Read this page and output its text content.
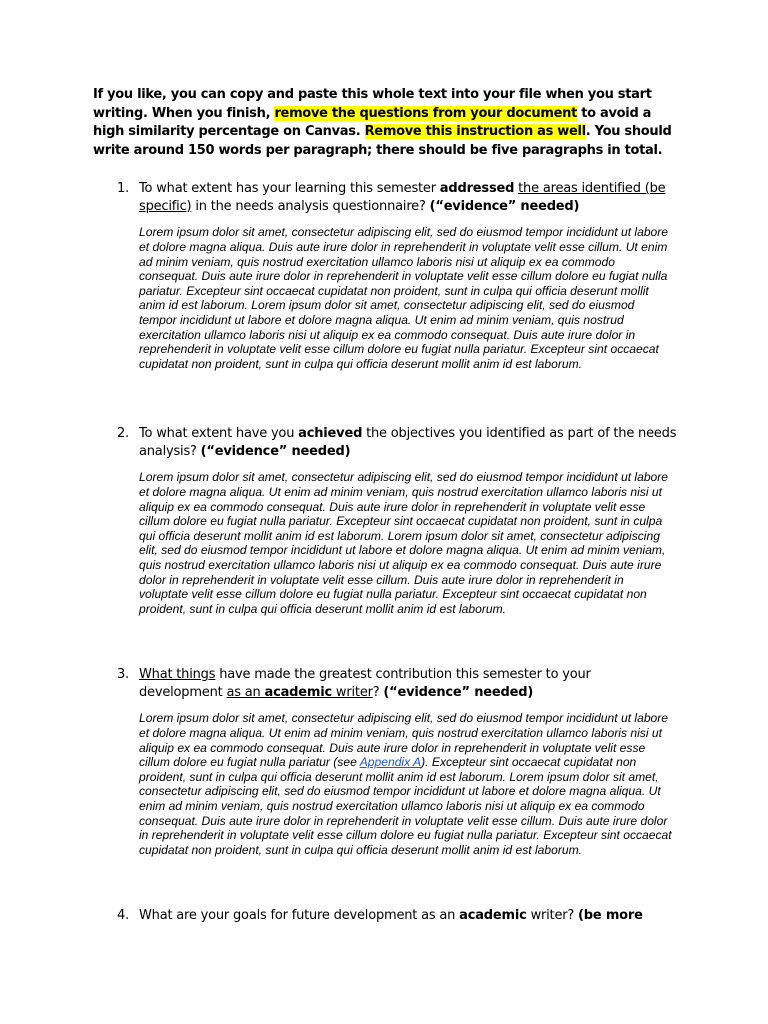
If you like, you can copy and paste this whole text into your file when you start writing. When you finish, remove the questions from your document to avoid a high similarity percentage on Canvas. Remove this instruction as well. You should write around 150 words per paragraph; there should be five paragraphs in total.
1. To what extent has your learning this semester addressed the areas identified (be specific) in the needs analysis questionnaire? (“evidence” needed)
Lorem ipsum dolor sit amet, consectetur adipiscing elit, sed do eiusmod tempor incididunt ut labore et dolore magna aliqua. Duis aute irure dolor in reprehenderit in voluptate velit esse cillum. Ut enim ad minim veniam, quis nostrud exercitation ullamco laboris nisi ut aliquip ex ea commodo consequat. Duis aute irure dolor in reprehenderit in voluptate velit esse cillum dolore eu fugiat nulla pariatur. Excepteur sint occaecat cupidatat non proident, sunt in culpa qui officia deserunt mollit anim id est laborum. Lorem ipsum dolor sit amet, consectetur adipiscing elit, sed do eiusmod tempor incididunt ut labore et dolore magna aliqua. Ut enim ad minim veniam, quis nostrud exercitation ullamco laboris nisi ut aliquip ex ea commodo consequat. Duis aute irure dolor in reprehenderit in voluptate velit esse cillum dolore eu fugiat nulla pariatur. Excepteur sint occaecat cupidatat non proident, sunt in culpa qui officia deserunt mollit anim id est laborum.
2. To what extent have you achieved the objectives you identified as part of the needs analysis? (“evidence” needed)
Lorem ipsum dolor sit amet, consectetur adipiscing elit, sed do eiusmod tempor incididunt ut labore et dolore magna aliqua. Ut enim ad minim veniam, quis nostrud exercitation ullamco laboris nisi ut aliquip ex ea commodo consequat. Duis aute irure dolor in reprehenderit in voluptate velit esse cillum dolore eu fugiat nulla pariatur. Excepteur sint occaecat cupidatat non proident, sunt in culpa qui officia deserunt mollit anim id est laborum. Lorem ipsum dolor sit amet, consectetur adipiscing elit, sed do eiusmod tempor incididunt ut labore et dolore magna aliqua. Ut enim ad minim veniam, quis nostrud exercitation ullamco laboris nisi ut aliquip ex ea commodo consequat. Duis aute irure dolor in reprehenderit in voluptate velit esse cillum. Duis aute irure dolor in reprehenderit in voluptate velit esse cillum dolore eu fugiat nulla pariatur. Excepteur sint occaecat cupidatat non proident, sunt in culpa qui officia deserunt mollit anim id est laborum.
3. What things have made the greatest contribution this semester to your development as an academic writer? (“evidence” needed)
Lorem ipsum dolor sit amet, consectetur adipiscing elit, sed do eiusmod tempor incididunt ut labore et dolore magna aliqua. Ut enim ad minim veniam, quis nostrud exercitation ullamco laboris nisi ut aliquip ex ea commodo consequat. Duis aute irure dolor in reprehenderit in voluptate velit esse cillum dolore eu fugiat nulla pariatur (see Appendix A). Excepteur sint occaecat cupidatat non proident, sunt in culpa qui officia deserunt mollit anim id est laborum. Lorem ipsum dolor sit amet, consectetur adipiscing elit, sed do eiusmod tempor incididunt ut labore et dolore magna aliqua. Ut enim ad minim veniam, quis nostrud exercitation ullamco laboris nisi ut aliquip ex ea commodo consequat. Duis aute irure dolor in reprehenderit in voluptate velit esse cillum. Duis aute irure dolor in reprehenderit in voluptate velit esse cillum dolore eu fugiat nulla pariatur. Excepteur sint occaecat cupidatat non proident, sunt in culpa qui officia deserunt mollit anim id est laborum.
4. What are your goals for future development as an academic writer? (be more
